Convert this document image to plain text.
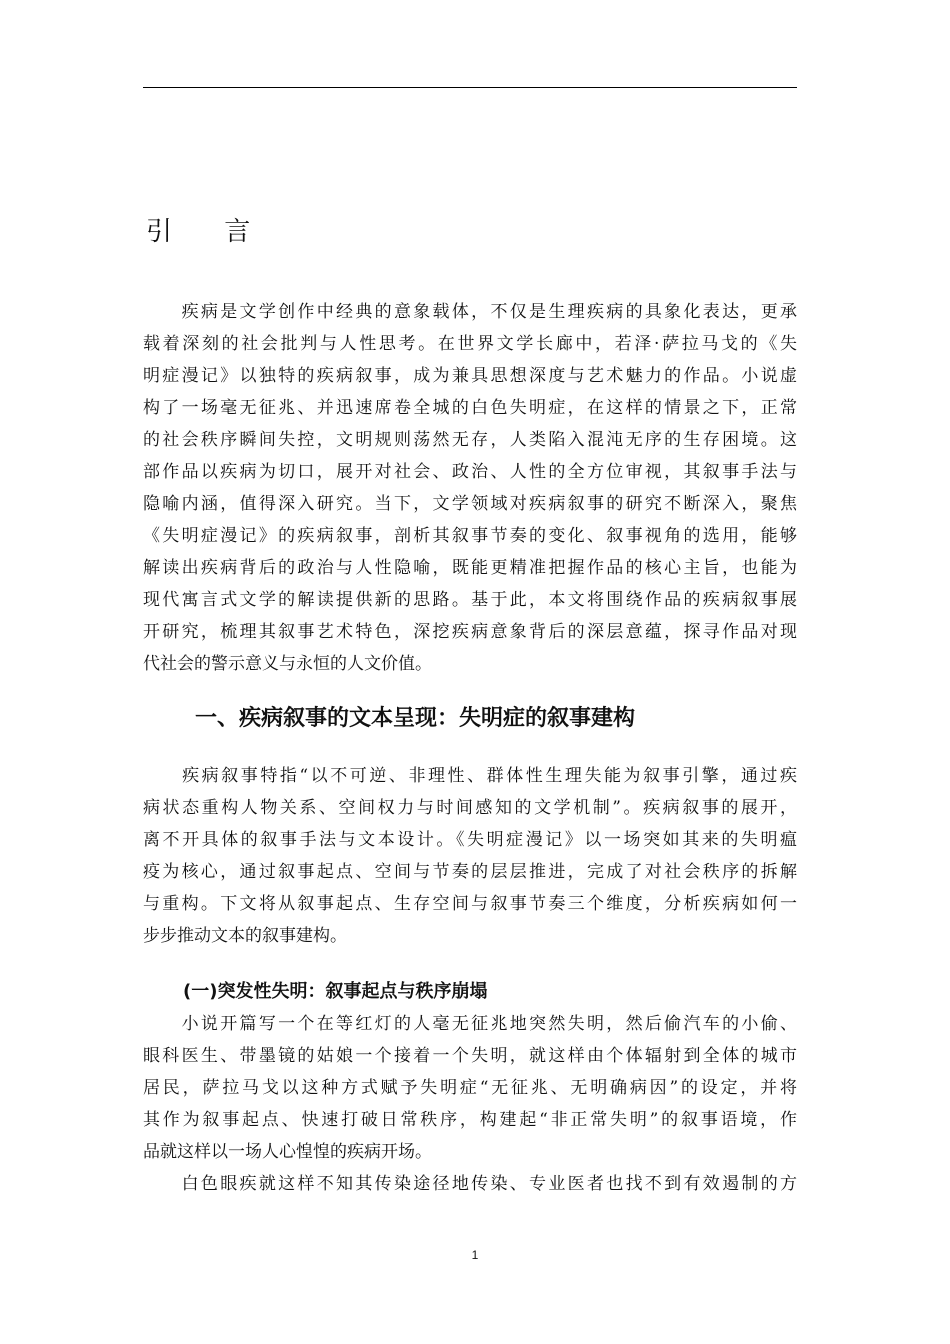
引 言
　　疾病是文学创作中经典的意象载体，不仅是生理疾病的具象化表达，更承
载着深刻的社会批判与人性思考。在世界文学长廊中，若泽·萨拉马戈的《失
明症漫记》以独特的疾病叙事，成为兼具思想深度与艺术魅力的作品。小说虚
构了一场毫无征兆、并迅速席卷全城的白色失明症，在这样的情景之下，正常
的社会秩序瞬间失控，文明规则荡然无存，人类陷入混沌无序的生存困境。这
部作品以疾病为切口，展开对社会、政治、人性的全方位审视，其叙事手法与
隐喻内涵，值得深入研究。当下，文学领域对疾病叙事的研究不断深入，聚焦
《失明症漫记》的疾病叙事，剖析其叙事节奏的变化、叙事视角的选用，能够
解读出疾病背后的政治与人性隐喻，既能更精准把握作品的核心主旨，也能为
现代寓言式文学的解读提供新的思路。基于此，本文将围绕作品的疾病叙事展
开研究，梳理其叙事艺术特色，深挖疾病意象背后的深层意蕴，探寻作品对现
代社会的警示意义与永恒的人文价值。
一、疾病叙事的文本呈现：失明症的叙事建构
　　疾病叙事特指“以不可逆、非理性、群体性生理失能为叙事引擎，通过疾
病状态重构人物关系、空间权力与时间感知的文学机制”。疾病叙事的展开，
离不开具体的叙事手法与文本设计。《失明症漫记》以一场突如其来的失明瘟
疫为核心，通过叙事起点、空间与节奏的层层推进，完成了对社会秩序的拆解
与重构。下文将从叙事起点、生存空间与叙事节奏三个维度，分析疾病如何一
步步推动文本的叙事建构。
(一)突发性失明：叙事起点与秩序崩塌
　　小说开篇写一个在等红灯的人毫无征兆地突然失明，然后偷汽车的小偷、
眼科医生、带墨镜的姑娘一个接着一个失明，就这样由个体辐射到全体的城市
居民，萨拉马戈以这种方式赋予失明症“无征兆、无明确病因”的设定，并将
其作为叙事起点、快速打破日常秩序，构建起“非正常失明”的叙事语境，作
品就这样以一场人心惶惶的疾病开场。
　　白色眼疾就这样不知其传染途径地传染、专业医者也找不到有效遏制的方
1
